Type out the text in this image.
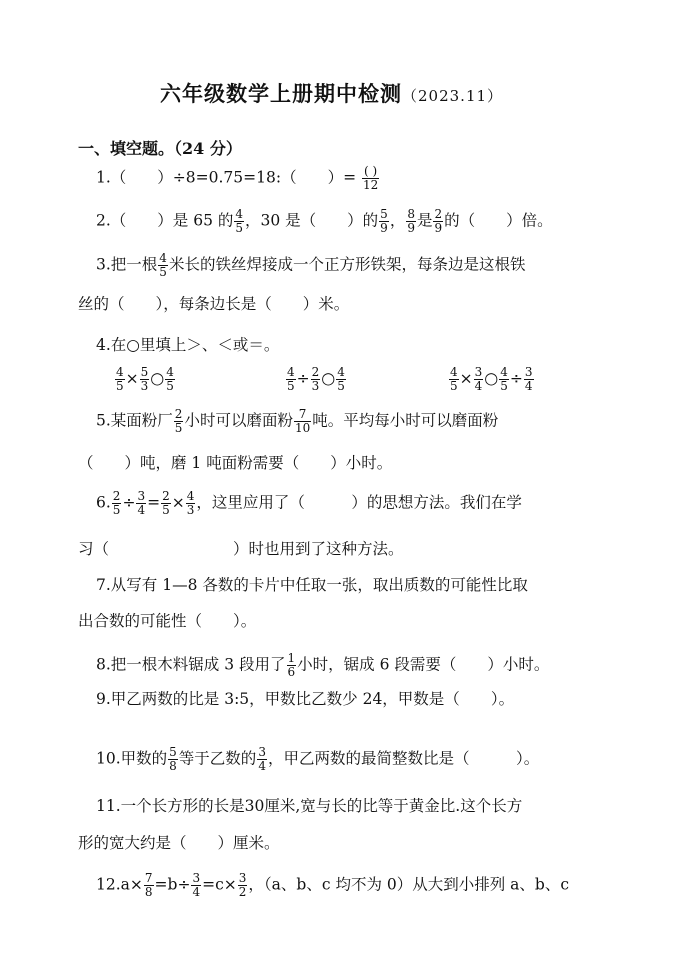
六年级数学上册期中检测（2023.11）
一、填空题。（24 分）
1.（　　）÷8=0.75=18:（　　）= $\frac{( )}{12}$
2.（　　）是 65 的 $\frac{4}{5}$ ，30 是（　　）的 $\frac{5}{9}$ ， $\frac{8}{9}$ 是 $\frac{2}{9}$ 的（　　）倍。
3.把一根 $\frac{4}{5}$ 米长的铁丝焊接成一个正方形铁架，每条边是这根铁
丝的（　　），每条边长是（　　）米。
4.在○里填上＞、＜或＝。
$\frac{4}{5} \times \frac{5}{3}$ ○ $\frac{4}{5}$	$\frac{4}{5} \div \frac{2}{3}$ ○ $\frac{4}{5}$	$\frac{4}{5} \times \frac{3}{4}$ ○ $\frac{4}{5} \div \frac{3}{4}$
5.某面粉厂 $\frac{2}{5}$ 小时可以磨面粉 $\frac{7}{10}$ 吨。平均每小时可以磨面粉
（　　）吨，磨 1 吨面粉需要（　　）小时。
6. $\frac{2}{5} \div \frac{3}{4} = \frac{2}{5} \times \frac{4}{3}$ ，这里应用了（　　　）的思想方法。我们在学
习（　　　　　　　　）时也用到了这种方法。
7.从写有 1—8 各数的卡片中任取一张，取出质数的可能性比取
出合数的可能性（　　）。
8.把一根木料锯成 3 段用了 $\frac{1}{6}$ 小时，锯成 6 段需要（　　）小时。
9.甲乙两数的比是 3:5，甲数比乙数少 24，甲数是（　　）。
10.甲数的 $\frac{5}{8}$ 等于乙数的 $\frac{3}{4}$ ，甲乙两数的最简整数比是（　　　）。
11.一个长方形的长是30厘米,宽与长的比等于黄金比.这个长方
形的宽大约是（　　）厘米。
$12.a\times \frac{7}{8} =b\div \frac{3}{4} =c\times \frac{3}{2}$ ，（a、b、c 均不为 0）从大到小排列 a、b、c
